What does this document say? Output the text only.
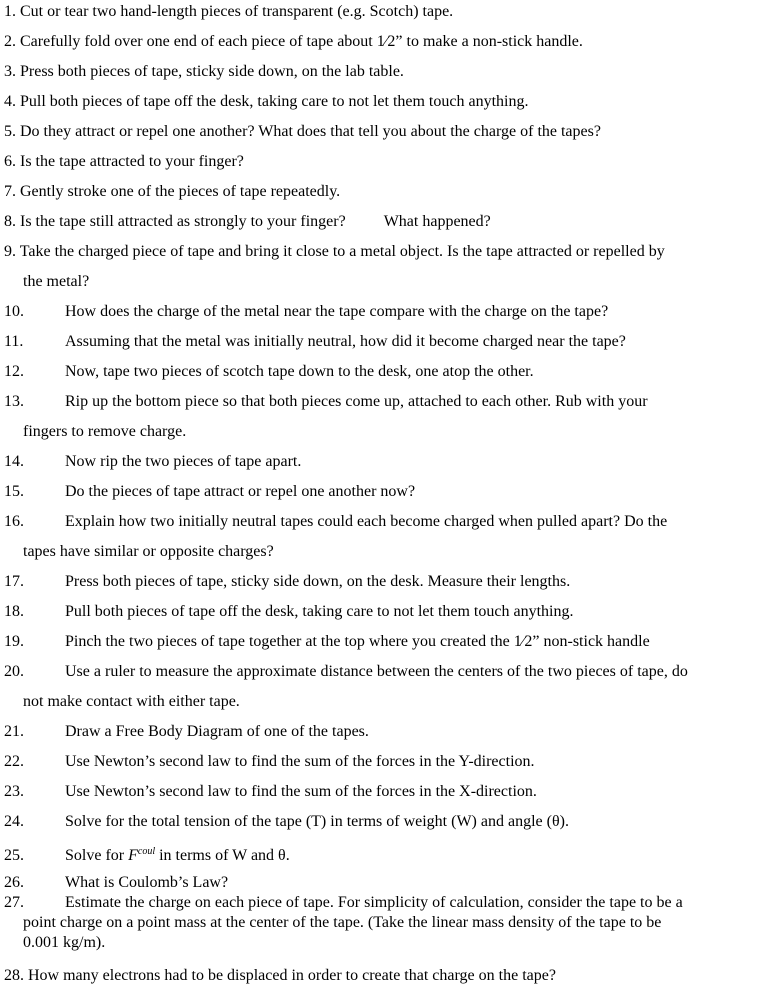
1. Cut or tear two hand-length pieces of transparent (e.g. Scotch) tape.
2. Carefully fold over one end of each piece of tape about 1⁄2” to make a non-stick handle.
3. Press both pieces of tape, sticky side down, on the lab table.
4. Pull both pieces of tape off the desk, taking care to not let them touch anything.
5. Do they attract or repel one another? What does that tell you about the charge of the tapes?
6. Is the tape attracted to your finger?
7. Gently stroke one of the pieces of tape repeatedly.
8. Is the tape still attracted as strongly to your finger? What happened?
9. Take the charged piece of tape and bring it close to a metal object. Is the tape attracted or repelled by
the metal?
10.	How does the charge of the metal near the tape compare with the charge on the tape?
11.	Assuming that the metal was initially neutral, how did it become charged near the tape?
12.	Now, tape two pieces of scotch tape down to the desk, one atop the other.
13.	Rip up the bottom piece so that both pieces come up, attached to each other. Rub with your
fingers to remove charge.
14.	Now rip the two pieces of tape apart.
15.	Do the pieces of tape attract or repel one another now?
16.	Explain how two initially neutral tapes could each become charged when pulled apart? Do the
tapes have similar or opposite charges?
17.	Press both pieces of tape, sticky side down, on the desk. Measure their lengths.
18.	Pull both pieces of tape off the desk, taking care to not let them touch anything.
19.	Pinch the two pieces of tape together at the top where you created the 1⁄2” non-stick handle
20.	Use a ruler to measure the approximate distance between the centers of the two pieces of tape, do
not make contact with either tape.
21.	Draw a Free Body Diagram of one of the tapes.
22.	Use Newton’s second law to find the sum of the forces in the Y-direction.
23.	Use Newton’s second law to find the sum of the forces in the X-direction.
24.	Solve for the total tension of the tape (T) in terms of weight (W) and angle (θ).
25.	Solve for $F^{coul}$ in terms of W and θ.
26.	What is Coulomb’s Law?
27.	Estimate the charge on each piece of tape. For simplicity of calculation, consider the tape to be a
point charge on a point mass at the center of the tape. (Take the linear mass density of the tape to be
0.001 kg/m).
28. How many electrons had to be displaced in order to create that charge on the tape?
